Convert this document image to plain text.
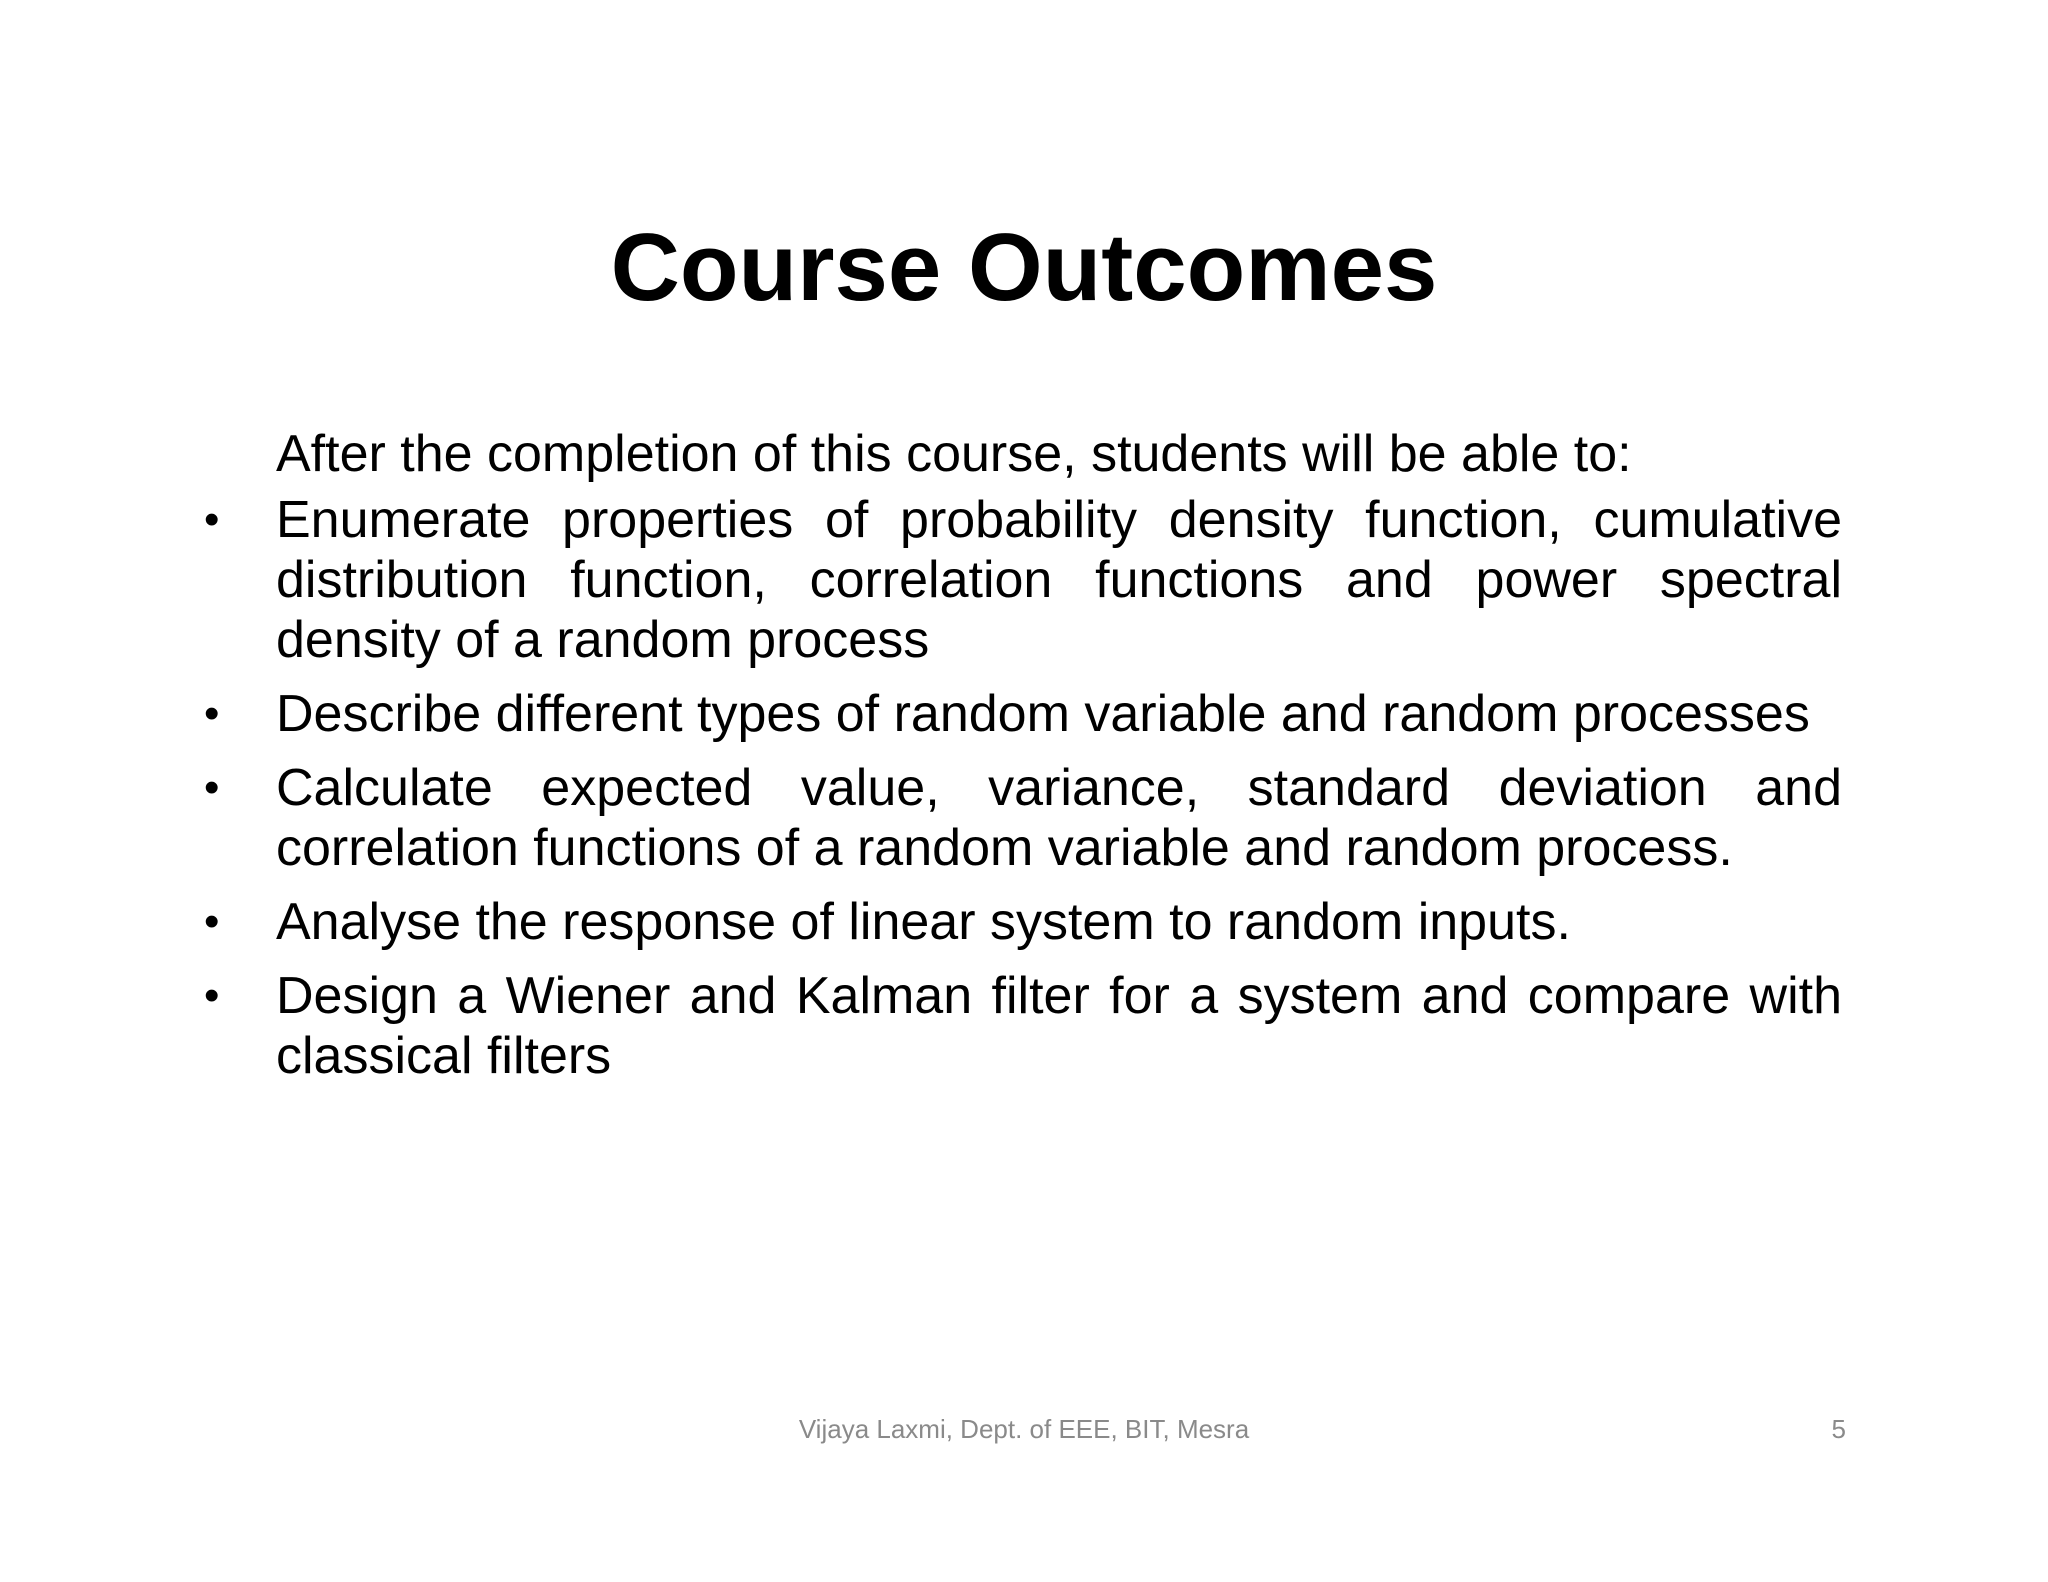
Course Outcomes

After the completion of this course, students will be able to:

•	Enumerate properties of probability density function, cumulative distribution function, correlation functions and power spectral density of a random process
•	Describe different types of random variable and random processes
•	Calculate expected value, variance, standard deviation and correlation functions of a random variable and random process.
•	Analyse the response of linear system to random inputs.
•	Design a Wiener and Kalman filter for a system and compare with classical filters
Vijaya Laxmi, Dept. of EEE, BIT, Mesra	5
